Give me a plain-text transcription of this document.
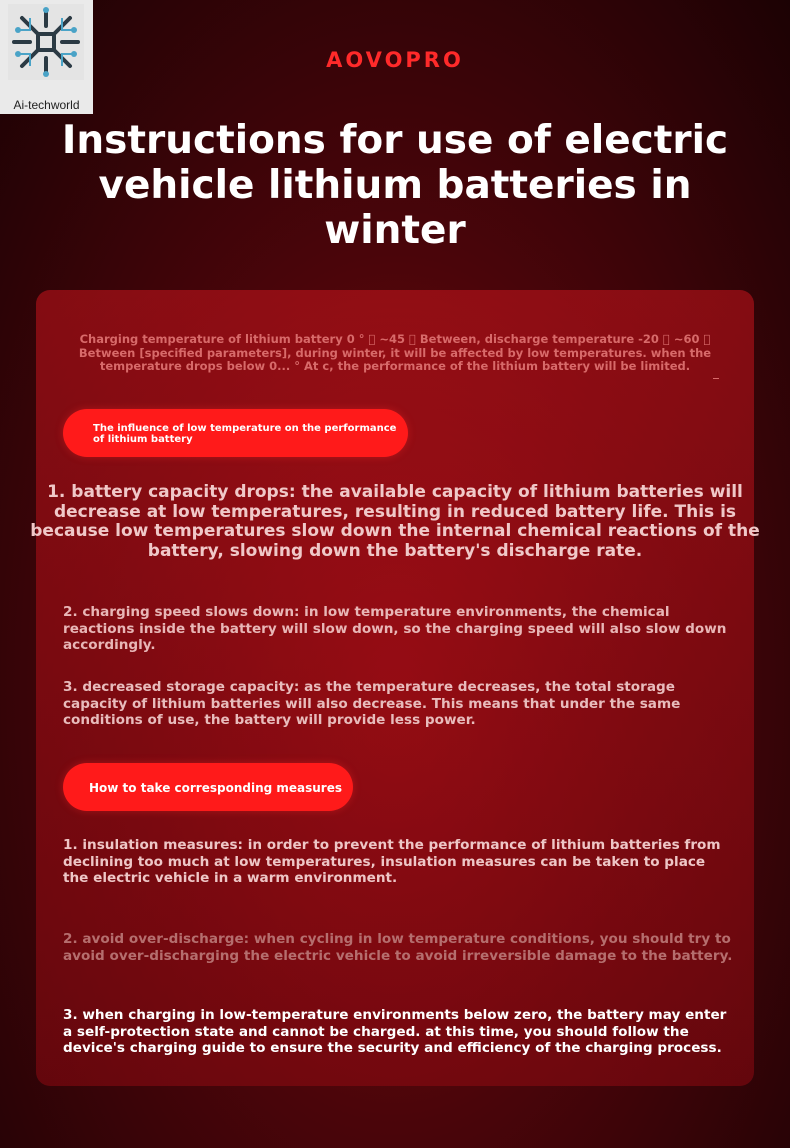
Ai-techworld
AOVOPRO
Instructions for use of electric vehicle lithium batteries in winter
Charging temperature of lithium battery 0 °   ~45   Between, discharge temperature -20   ~60   Between [specified parameters], during winter, it will be affected by low temperatures. when the temperature drops below 0... ° At c, the performance of the lithium battery will be limited.
The influence of low temperature on the performance of lithium battery
1. battery capacity drops: the available capacity of lithium batteries will decrease at low temperatures, resulting in reduced battery life. This is because low temperatures slow down the internal chemical reactions of the battery, slowing down the battery's discharge rate.
2. charging speed slows down: in low temperature environments, the chemical reactions inside the battery will slow down, so the charging speed will also slow down accordingly.
3. decreased storage capacity: as the temperature decreases, the total storage capacity of lithium batteries will also decrease. This means that under the same conditions of use, the battery will provide less power.
How to take corresponding measures
1. insulation measures: in order to prevent the performance of lithium batteries from declining too much at low temperatures, insulation measures can be taken to place the electric vehicle in a warm environment.
2. avoid over-discharge: when cycling in low temperature conditions, you should try to avoid over-discharging the electric vehicle to avoid irreversible damage to the battery.
3. when charging in low-temperature environments below zero, the battery may enter a self-protection state and cannot be charged. at this time, you should follow the device's charging guide to ensure the security and efficiency of the charging process.
